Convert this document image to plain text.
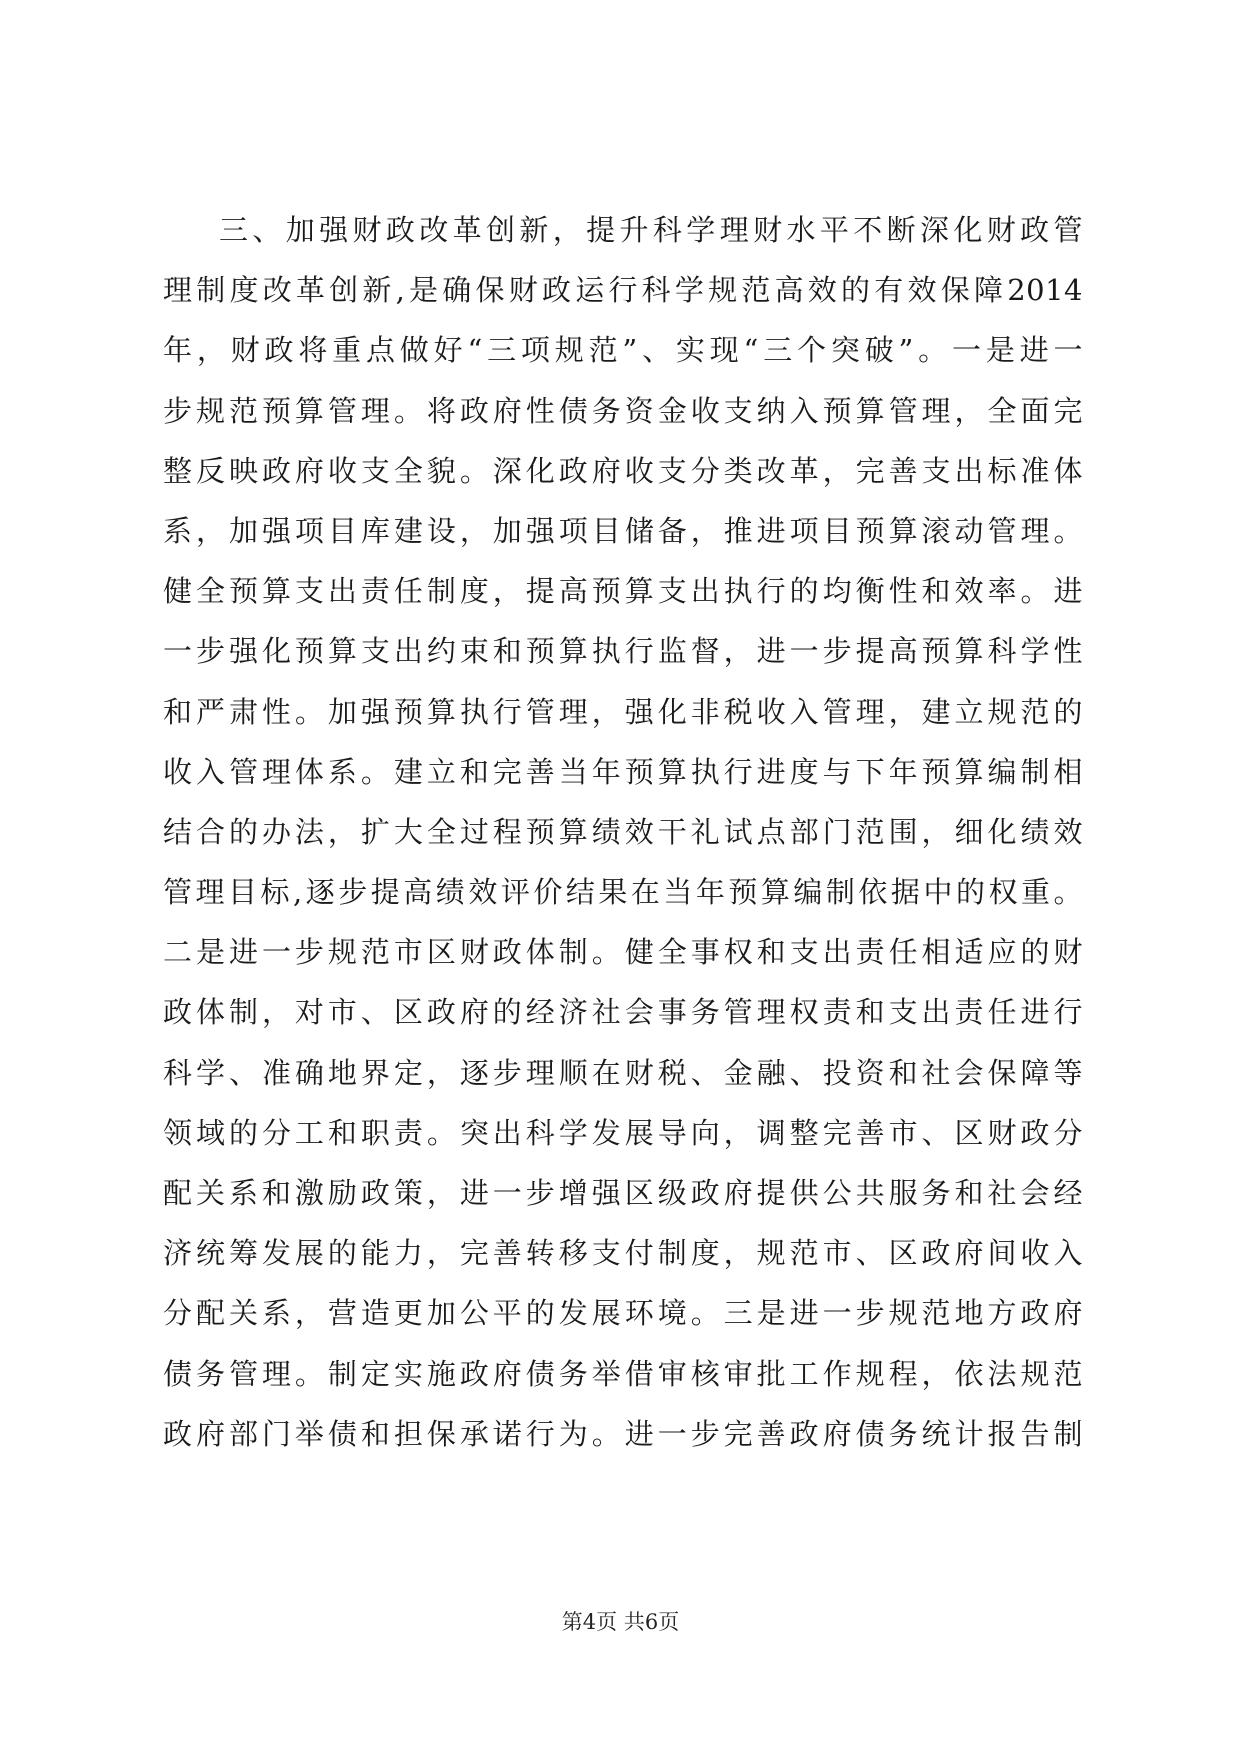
三、加强财政改革创新，提升科学理财水平不断深化财政管
理制度改革创新,是确保财政运行科学规范高效的有效保障2014
年，财政将重点做好“三项规范”、实现“三个突破”。一是进一
步规范预算管理。将政府性债务资金收支纳入预算管理，全面完
整反映政府收支全貌。深化政府收支分类改革，完善支出标准体
系，加强项目库建设，加强项目储备，推进项目预算滚动管理。
健全预算支出责任制度，提高预算支出执行的均衡性和效率。进
一步强化预算支出约束和预算执行监督，进一步提高预算科学性
和严肃性。加强预算执行管理，强化非税收入管理，建立规范的
收入管理体系。建立和完善当年预算执行进度与下年预算编制相
结合的办法，扩大全过程预算绩效干礼试点部门范围，细化绩效
管理目标,逐步提高绩效评价结果在当年预算编制依据中的权重。
二是进一步规范市区财政体制。健全事权和支出责任相适应的财
政体制，对市、区政府的经济社会事务管理权责和支出责任进行
科学、准确地界定，逐步理顺在财税、金融、投资和社会保障等
领域的分工和职责。突出科学发展导向，调整完善市、区财政分
配关系和激励政策，进一步增强区级政府提供公共服务和社会经
济统筹发展的能力，完善转移支付制度，规范市、区政府间收入
分配关系，营造更加公平的发展环境。三是进一步规范地方政府
债务管理。制定实施政府债务举借审核审批工作规程，依法规范
政府部门举债和担保承诺行为。进一步完善政府债务统计报告制
第4页 共6页
